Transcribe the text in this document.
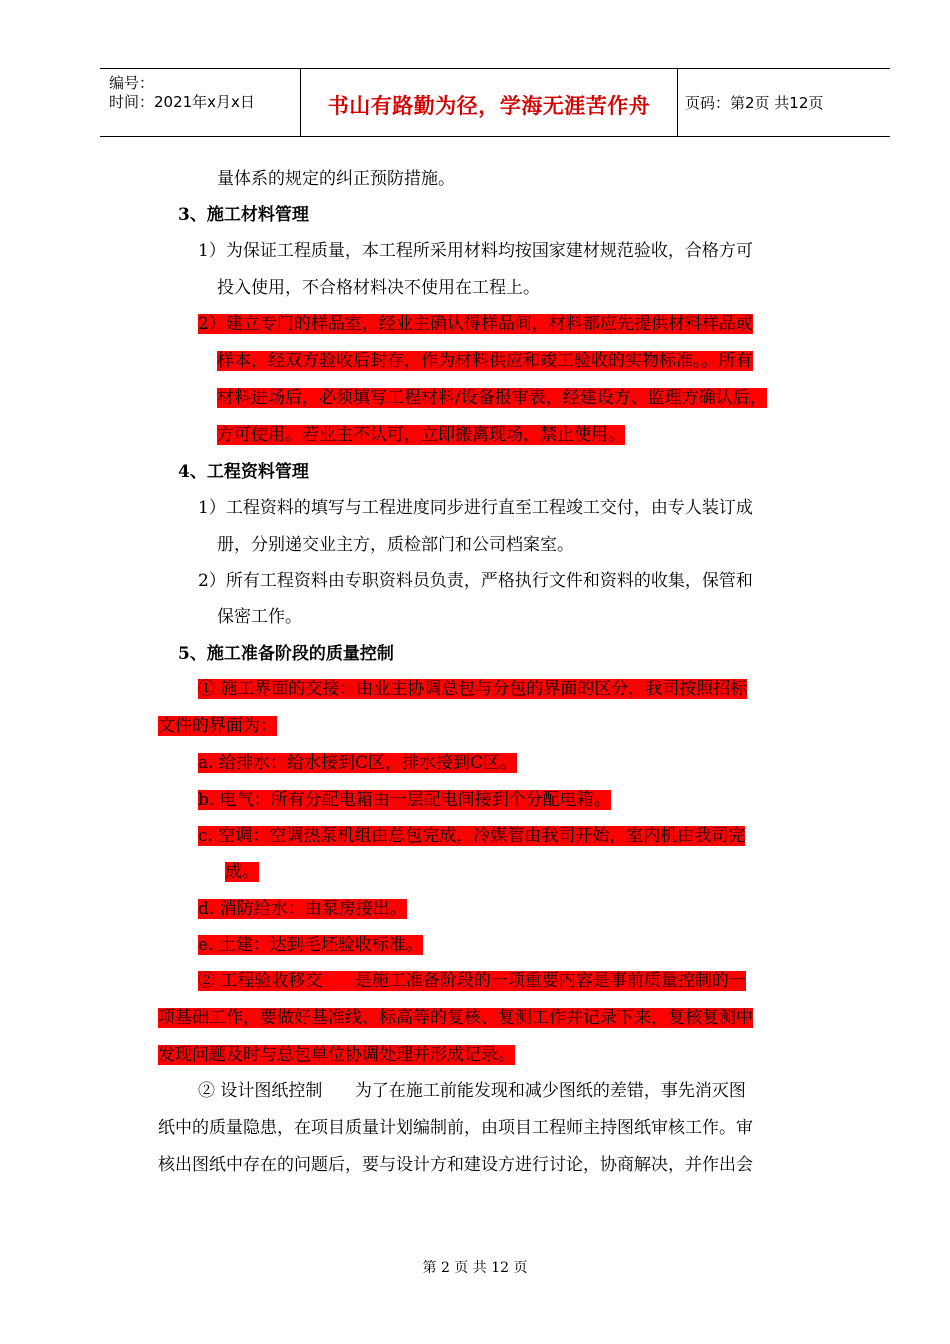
编号：
时间：2021年x月x日	书山有路勤为径，学海无涯苦作舟	页码：第2页 共12页
量体系的规定的纠正预防措施。
3、施工材料管理
1）为保证工程质量，本工程所采用材料均按国家建材规范验收，合格方可
投入使用，不合格材料决不使用在工程上。
2）建立专门的样品室，经业主确认得样品间，材料都应先提供材料样品或
样本，经双方验收后封存，作为材料供应和竣工验收的实物标准。。所有
材料进场后，必须填写工程材料/设备报审表，经建设方、监理方确认后，
方可使用。若业主不认可，立即搬离现场，禁止使用。
4、工程资料管理
1）工程资料的填写与工程进度同步进行直至工程竣工交付，由专人装订成
册，分别递交业主方，质检部门和公司档案室。
2）所有工程资料由专职资料员负责，严格执行文件和资料的收集，保管和
保密工作。
5、施工准备阶段的质量控制
① 施工界面的交接：由业主协调总包与分包的界面的区分，我司按照招标
文件的界面为：
a. 给排水：给水接到C区，排水接到C区。
b. 电气：所有分配电箱由一层配电间接到个分配电箱。
c. 空调：空调热泵机组由总包完成，冷媒管由我司开始，室内机由我司完
成。
d. 消防给水：由泵房接出。
e. 土建：达到毛坯验收标准。
② 工程验收移交      是施工准备阶段的一项重要内容是事前质量控制的一
项基础工作，要做好基准线、标高等的复核、复测工作并记录下来，复核复测中
发现问题及时与总包单位协调处理并形成记录。
② 设计图纸控制      为了在施工前能发现和减少图纸的差错，事先消灭图
纸中的质量隐患，在项目质量计划编制前，由项目工程师主持图纸审核工作。审
核出图纸中存在的问题后，要与设计方和建设方进行讨论，协商解决，并作出会
第 2 页 共 12 页
